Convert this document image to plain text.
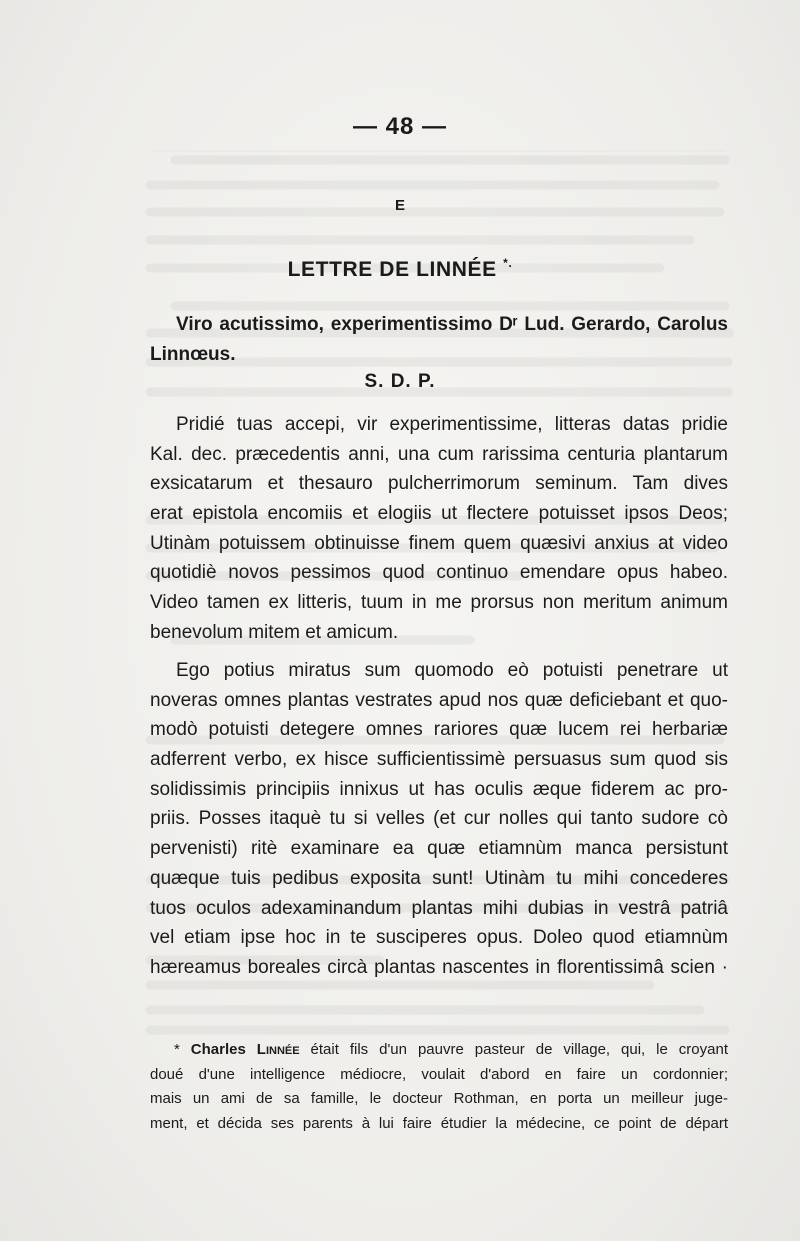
— 48 —
E
LETTRE DE LINNÉE *.
Viro acutissimo, experimentissimo Dʳ Lud. Gerardo, Carolus
Linnœus.
S. D. P.
Pridié tuas accepi, vir experimentissime, litteras datas pridie
Kal. dec. præcedentis anni, una cum rarissima centuria plantarum
exsicatarum et thesauro pulcherrimorum seminum. Tam dives
erat epistola encomiis et elogiis ut flectere potuisset ipsos Deos;
Utinàm potuissem obtinuisse finem quem quæsivi anxius at video
quotidiè novos pessimos quod continuo emendare opus habeo.
Video tamen ex litteris, tuum in me prorsus non meritum animum
benevolum mitem et amicum.
Ego potius miratus sum quomodo eò potuisti penetrare ut
noveras omnes plantas vestrates apud nos quæ deficiebant et quo-
modò potuisti detegere omnes rariores quæ lucem rei herbariæ
adferrent verbo, ex hisce sufficientissimè persuasus sum quod sis
solidissimis principiis innixus ut has oculis æque fiderem ac pro-
priis. Posses itaquè tu si velles (et cur nolles qui tanto sudore cò
pervenisti) ritè examinare ea quæ etiamnùm manca persistunt
quæque tuis pedibus exposita sunt! Utinàm tu mihi concederes
tuos oculos adexaminandum plantas mihi dubias in vestrâ patriâ
vel etiam ipse hoc in te susciperes opus. Doleo quod etiamnùm
hæreamus boreales circà plantas nascentes in florentissimâ scien ·
* Charles Linnée était fils d'un pauvre pasteur de village, qui, le croyant
doué d'une intelligence médiocre, voulait d'abord en faire un cordonnier;
mais un ami de sa famille, le docteur Rothman, en porta un meilleur juge-
ment, et décida ses parents à lui faire étudier la médecine, ce point de départ
